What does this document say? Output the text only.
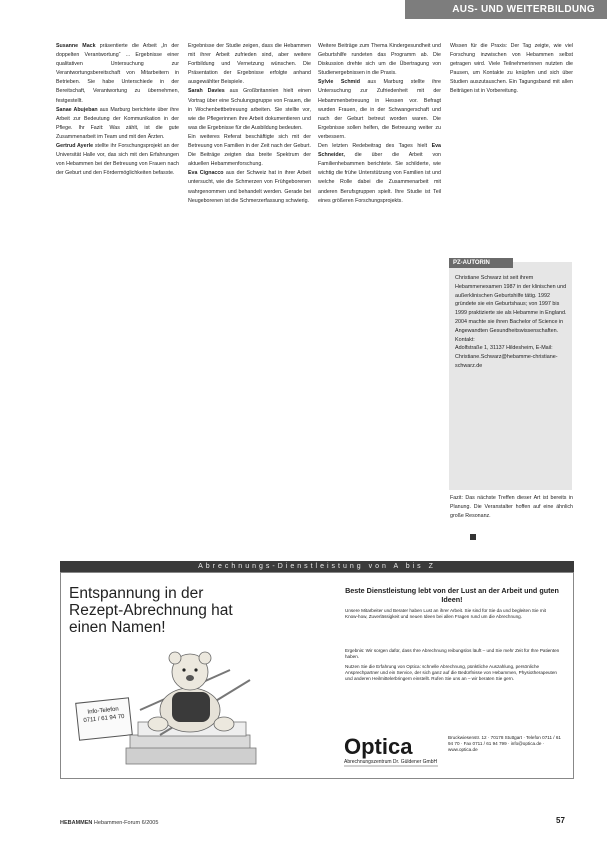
AUS- UND WEITERBILDUNG

Susanne Mack präsentierte die Arbeit „In der doppelten Verantwortung“ ... Ergebnisse einer qualitativen Untersuchung zur Verantwortungsbereitschaft von Mitarbeitern in Betrieben. Sie habe Unterschiede in der Bereitschaft, Verantwortung zu übernehmen, festgestellt.

Sanae Abujeban aus Marburg berichtete über ihre Arbeit zur Bedeutung der Kommunikation in der Pflege. Ihr Fazit: Was zählt, ist die gute Zusammenarbeit im Team und mit den Ärzten.

Gertrud Ayerle stellte ihr Forschungsprojekt an der Universität Halle vor, das sich mit den Erfahrungen von Hebammen bei der Betreuung von Frauen nach der Geburt und den Fördermöglichkeiten befasste.

Ergebnisse der Studie zeigen, dass die Hebammen mit ihrer Arbeit zufrieden sind, aber weitere Fortbildung und Vernetzung wünschen. Die Präsentation der Ergebnisse erfolgte anhand ausgewählter Beispiele.

Sarah Davies aus Großbritannien hielt einen Vortrag über eine Schulungsgruppe von Frauen, die in Wochenbettbetreuung arbeiten. Sie stellte vor, wie die Pflegerinnen ihre Arbeit dokumentieren und was die Ergebnisse für die Ausbildung bedeuten.

Ein weiteres Referat beschäftigte sich mit der Betreuung von Familien in der Zeit nach der Geburt. Die Beiträge zeigten das breite Spektrum der aktuellen Hebammenforschung.

Eva Cignacco aus der Schweiz hat in ihrer Arbeit untersucht, wie die Schmerzen von Frühgeborenen wahrgenommen und behandelt werden. Gerade bei Neugeborenen ist die Schmerzerfassung schwierig.

Weitere Beiträge zum Thema Kindergesundheit und Geburtshilfe rundeten das Programm ab. Die Diskussion drehte sich um die Übertragung von Studienergebnissen in die Praxis.

Sylvie Schmid aus Marburg stellte ihre Untersuchung zur Zufriedenheit mit der Hebammenbetreuung in Hessen vor. Befragt wurden Frauen, die in der Schwangerschaft und nach der Geburt betreut worden waren. Die Ergebnisse sollen helfen, die Betreuung weiter zu verbessern.

Den letzten Redebeitrag des Tages hielt Eva Schneider, die über die Arbeit von Familienhebammen berichtete. Sie schilderte, wie wichtig die frühe Unterstützung von Familien ist und welche Rolle dabei die Zusammenarbeit mit anderen Berufsgruppen spielt. Ihre Studie ist Teil eines größeren Forschungsprojekts.

Wissen für die Praxis: Der Tag zeigte, wie viel Forschung inzwischen von Hebammen selbst getragen wird. Viele Teilnehmerinnen nutzten die Pausen, um Kontakte zu knüpfen und sich über Studien auszutauschen. Ein Tagungsband mit allen Beiträgen ist in Vorbereitung.

PZ-AUTORIN
Christiane Schwarz ist seit ihrem Hebammenexamen 1987 in der klinischen und außerklinischen Geburtshilfe tätig. 1992 gründete sie ein Geburtshaus; von 1997 bis 1999 praktizierte sie als Hebamme in England. 2004 machte sie ihren Bachelor of Science in Angewandten Gesundheitswissenschaften.
Kontakt:
Adolfstraße 1, 31137 Hildesheim, E-Mail: Christiane.Schwarz@hebamme-christiane-schwarz.de

Fazit: Das nächste Treffen dieser Art ist bereits in Planung. Die Veranstalter hoffen auf eine ähnlich große Resonanz.

Abrechnungs-Dienstleistung von A bis Z
Entspannung in der Rezept-Abrechnung hat einen Namen!
Info-Telefon
0711 / 61 94 70
Beste Dienstleistung lebt von der Lust an der Arbeit und guten Ideen!
Unsere Mitarbeiter und Berater haben Lust an ihrer Arbeit. Sie sind für Sie da und begleiten Sie mit Know-how, Zuverlässigkeit und neuen Ideen bei allen Fragen rund um die Abrechnung.
Ergebnis: Wir sorgen dafür, dass Ihre Abrechnung reibungslos läuft – und Sie mehr Zeit für Ihre Patienten haben.
Nutzen Sie die Erfahrung von Optica: schnelle Abrechnung, pünktliche Auszahlung, persönliche Ansprechpartner und ein Service, der sich ganz auf die Bedürfnisse von Hebammen, Physiotherapeuten und anderen Heilmittelerbringern einstellt. Rufen Sie uns an – wir beraten Sie gern.
Optica
Abrechnungszentrum Dr. Güldener GmbH
Bruckwiesenstr. 12 · 70178 Stuttgart · Telefon 0711 / 61 94 70 · Fax 0711 / 61 94 799 · info@optica.de · www.optica.de
HEBAMMEN Hebammen-Forum 6/2005	57
